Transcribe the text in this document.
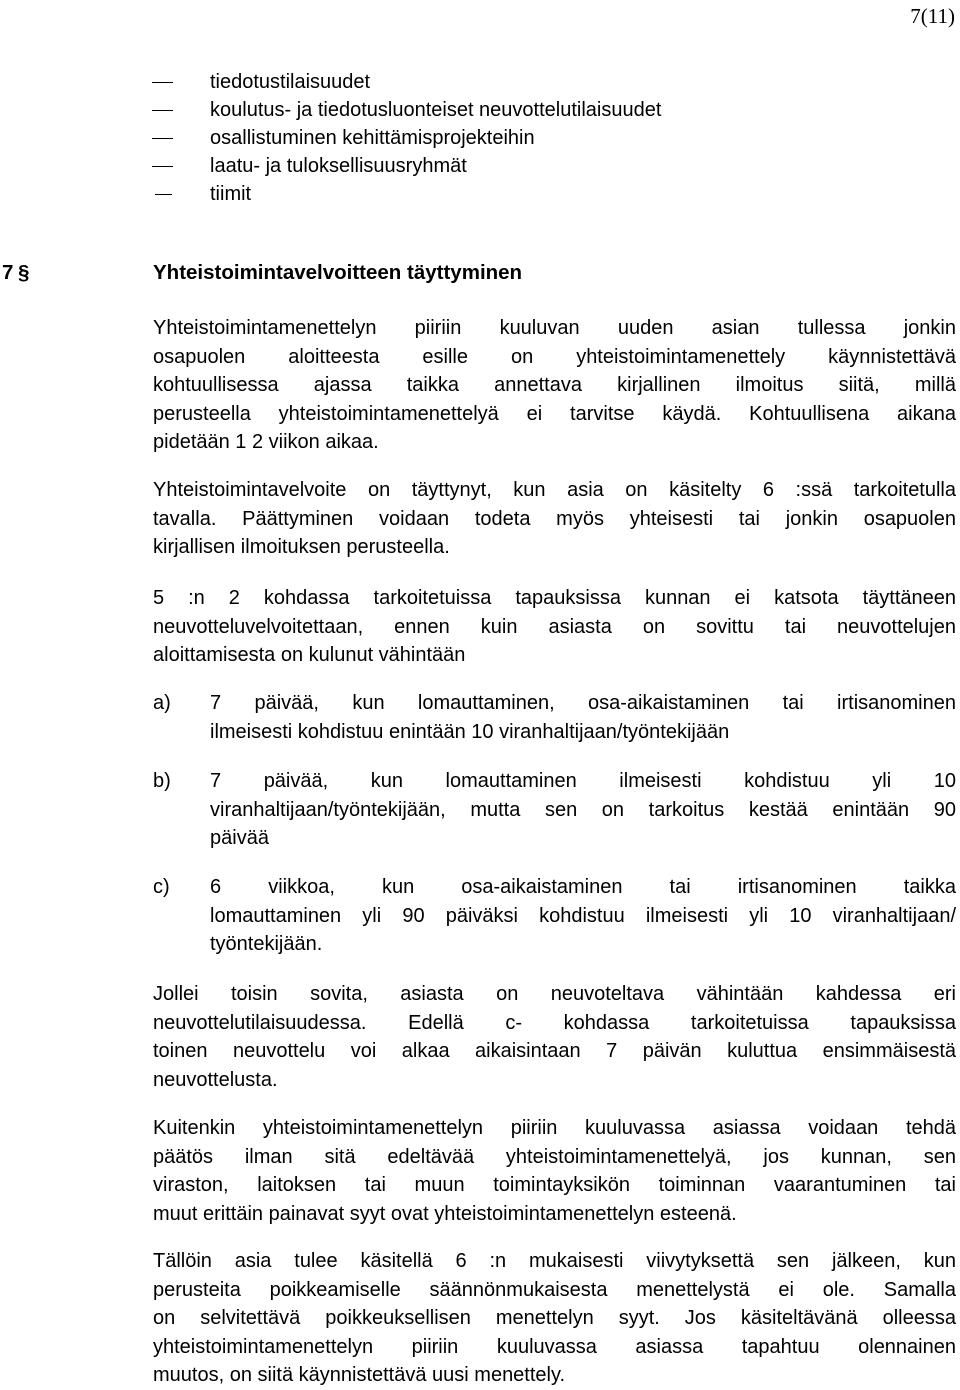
7(11)
tiedotustilaisuudet
koulutus- ja tiedotusluonteiset neuvottelutilaisuudet
osallistuminen kehittämisprojekteihin
laatu- ja tuloksellisuusryhmät
tiimit
7 §	Yhteistoimintavelvoitteen täyttyminen
Yhteistoimintamenettelyn piiriin kuuluvan uuden asian tullessa jonkin
osapuolen aloitteesta esille on yhteistoimintamenettely käynnistettävä
kohtuullisessa ajassa taikka annettava kirjallinen ilmoitus siitä, millä
perusteella yhteistoimintamenettelyä ei tarvitse käydä. Kohtuullisena aikana
pidetään 1 2 viikon aikaa.
Yhteistoimintavelvoite on täyttynyt, kun asia on käsitelty 6 :ssä tarkoitetulla
tavalla. Päättyminen voidaan todeta myös yhteisesti tai jonkin osapuolen
kirjallisen ilmoituksen perusteella.
5 :n 2 kohdassa tarkoitetuissa tapauksissa kunnan ei katsota täyttäneen
neuvotteluvelvoitettaan, ennen kuin asiasta on sovittu tai neuvottelujen
aloittamisesta on kulunut vähintään
a) 7 päivää, kun lomauttaminen, osa-aikaistaminen tai irtisanominen
ilmeisesti kohdistuu enintään 10 viranhaltijaan/työntekijään
b) 7 päivää, kun lomauttaminen ilmeisesti kohdistuu yli 10
viranhaltijaan/työntekijään, mutta sen on tarkoitus kestää enintään 90
päivää
c) 6 viikkoa, kun osa-aikaistaminen tai irtisanominen taikka
lomauttaminen yli 90 päiväksi kohdistuu ilmeisesti yli 10 viranhaltijaan/
työntekijään.
Jollei toisin sovita, asiasta on neuvoteltava vähintään kahdessa eri
neuvottelutilaisuudessa. Edellä c- kohdassa tarkoitetuissa tapauksissa
toinen neuvottelu voi alkaa aikaisintaan 7 päivän kuluttua ensimmäisestä
neuvottelusta.
Kuitenkin yhteistoimintamenettelyn piiriin kuuluvassa asiassa voidaan tehdä
päätös ilman sitä edeltävää yhteistoimintamenettelyä, jos kunnan, sen
viraston, laitoksen tai muun toimintayksikön toiminnan vaarantuminen tai
muut erittäin painavat syyt ovat yhteistoimintamenettelyn esteenä.
Tällöin asia tulee käsitellä 6 :n mukaisesti viivytyksettä sen jälkeen, kun
perusteita poikkeamiselle säännönmukaisesta menettelystä ei ole. Samalla
on selvitettävä poikkeuksellisen menettelyn syyt. Jos käsiteltävänä olleessa
yhteistoimintamenettelyn piiriin kuuluvassa asiassa tapahtuu olennainen
muutos, on siitä käynnistettävä uusi menettely.
